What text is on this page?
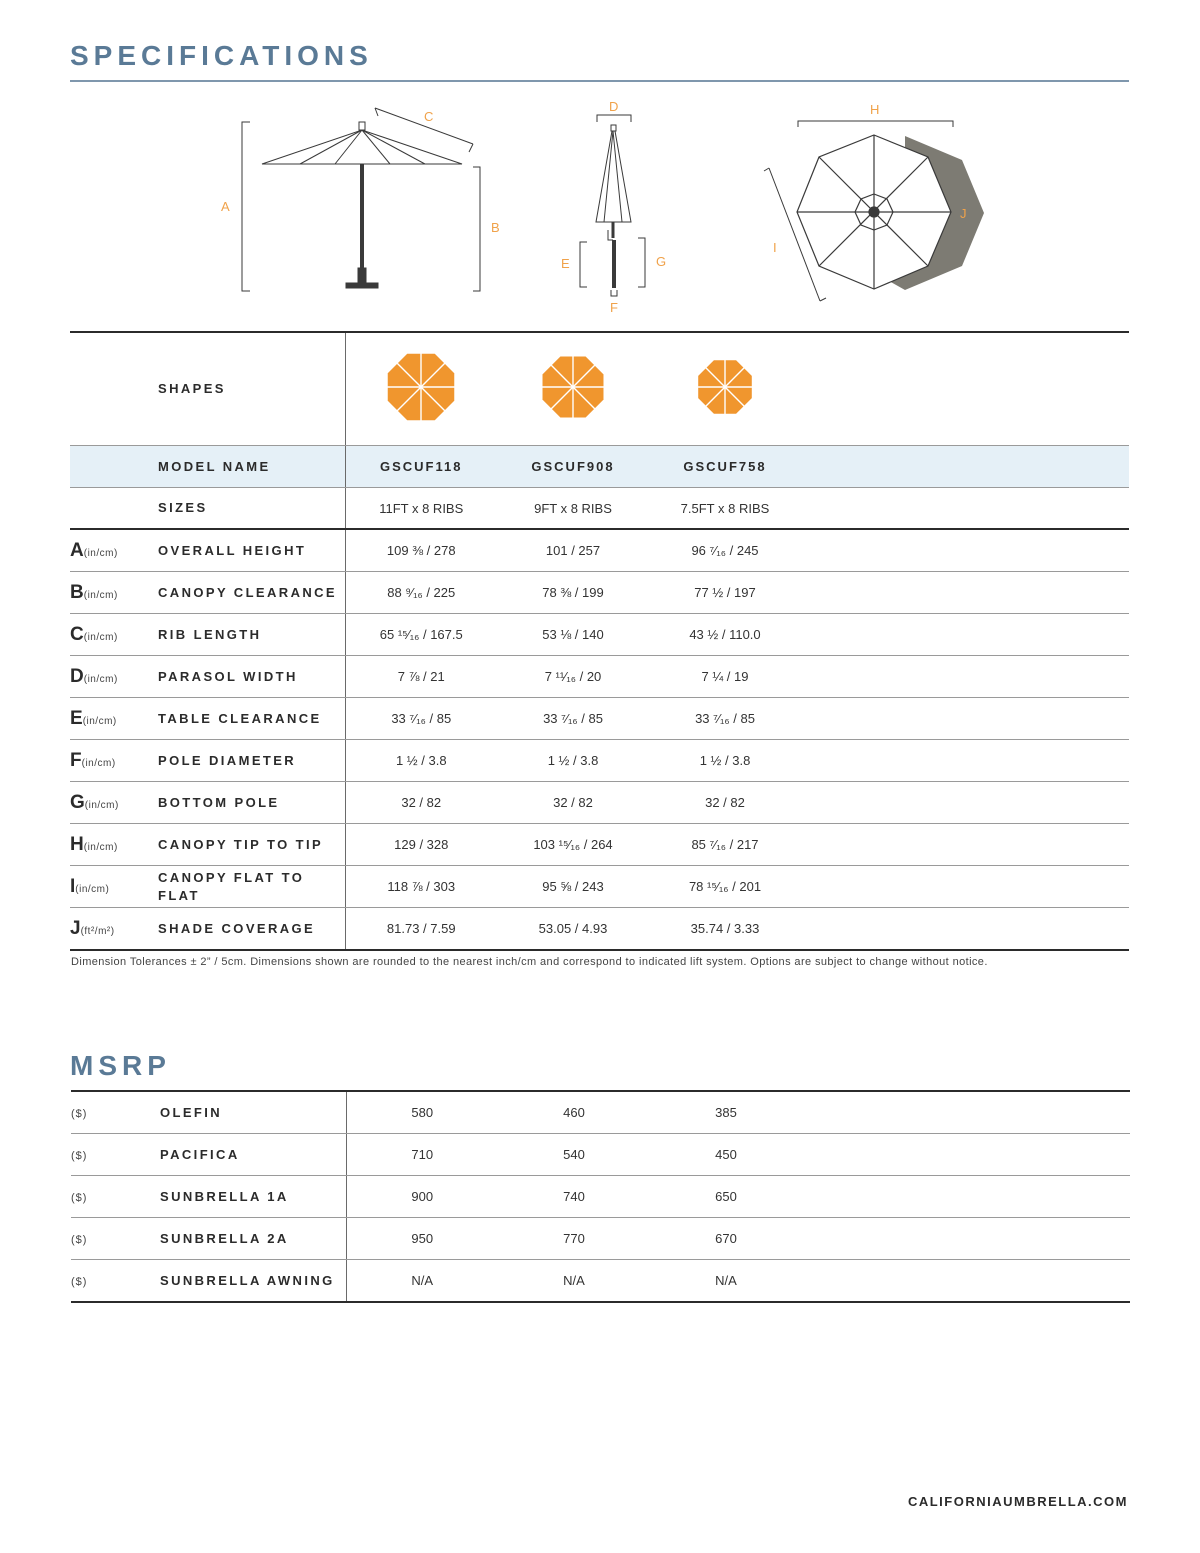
SPECIFICATIONS
A
B
C
D
E
F
G
H
I
J
	SHAPES				
	MODEL NAME	GSCUF118	GSCUF908	GSCUF758	
	SIZES	11FT x 8 RIBS	9FT x 8 RIBS	7.5FT x 8 RIBS	
A(in/cm)	OVERALL HEIGHT	109 ⅜ / 278	101 / 257	96 ⁷⁄₁₆ / 245	
B(in/cm)	CANOPY CLEARANCE	88 ⁹⁄₁₆ / 225	78 ⅜ / 199	77 ½ / 197	
C(in/cm)	RIB LENGTH	65 ¹⁵⁄₁₆ / 167.5	53 ⅛ / 140	43 ½ / 110.0	
D(in/cm)	PARASOL WIDTH	7 ⅞ / 21	7 ¹¹⁄₁₆ / 20	7 ¼ / 19	
E(in/cm)	TABLE CLEARANCE	33 ⁷⁄₁₆ / 85	33 ⁷⁄₁₆ / 85	33 ⁷⁄₁₆ / 85	
F(in/cm)	POLE DIAMETER	1 ½ / 3.8	1 ½ / 3.8	1 ½ / 3.8	
G(in/cm)	BOTTOM POLE	32 / 82	32 / 82	32 / 82	
H(in/cm)	CANOPY TIP TO TIP	129 / 328	103 ¹⁵⁄₁₆ / 264	85 ⁷⁄₁₆ / 217	
I(in/cm)	CANOPY FLAT TO FLAT	118 ⅞ / 303	95 ⅝ / 243	78 ¹⁵⁄₁₆ / 201	
J(ft²/m²)	SHADE COVERAGE	81.73 / 7.59	53.05 / 4.93	35.74 / 3.33	
Dimension Tolerances ± 2” / 5cm. Dimensions shown are rounded to the nearest inch/cm and correspond to indicated lift system. Options are subject to change without notice.
MSRP
($)	OLEFIN	580	460	385	
($)	PACIFICA	710	540	450	
($)	SUNBRELLA 1A	900	740	650	
($)	SUNBRELLA 2A	950	770	670	
($)	SUNBRELLA AWNING	N/A	N/A	N/A	
CALIFORNIAUMBRELLA.COM
